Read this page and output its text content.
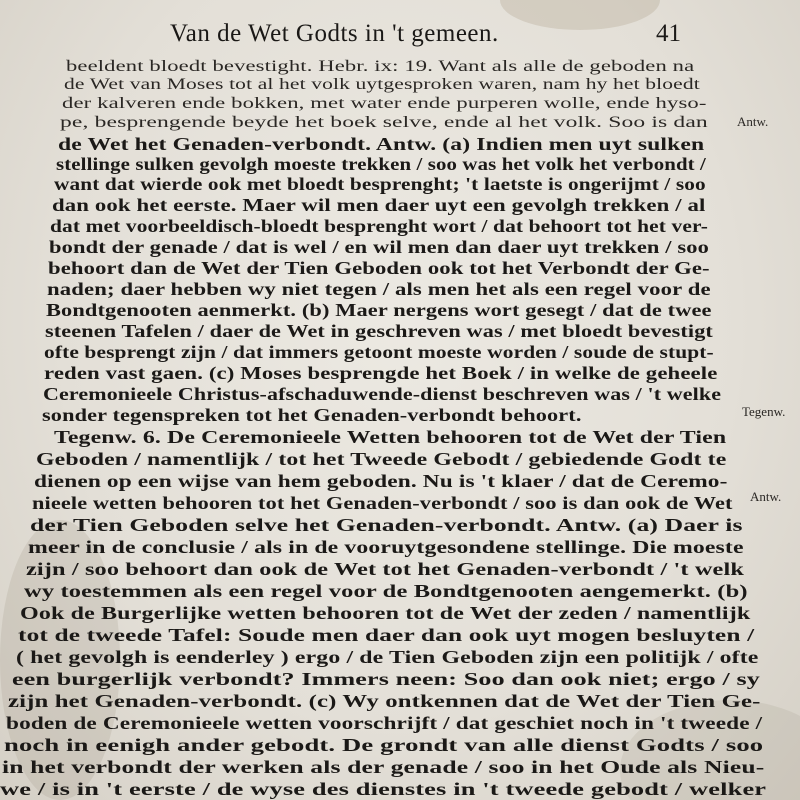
Van de Wet Godts in 't gemeen.	41
beeldent bloedt bevestight. Hebr. ix: 19. Want als alle de geboden na
de Wet van Moses tot al het volk uytgesproken waren, nam hy het bloedt
der kalveren ende bokken, met water ende purperen wolle, ende hyso-
pe, besprengende beyde het boek selve, ende al het volk. Soo is dan
de Wet het Genaden-verbondt. Antw. (a) Indien men uyt sulken
stellinge sulken gevolgh moeste trekken / soo was het volk het verbondt /
want dat wierde ook met bloedt besprenght; 't laetste is ongerijmt / soo
dan ook het eerste. Maer wil men daer uyt een gevolgh trekken / al
dat met voorbeeldisch-bloedt besprenght wort / dat behoort tot het ver-
bondt der genade / dat is wel / en wil men dan daer uyt trekken / soo
behoort dan de Wet der Tien Geboden ook tot het Verbondt der Ge-
naden; daer hebben wy niet tegen / als men het als een regel voor de
Bondtgenooten aenmerkt. (b) Maer nergens wort gesegt / dat de twee
steenen Tafelen / daer de Wet in geschreven was / met bloedt bevestigt
ofte besprengt zijn / dat immers getoont moeste worden / soude de stupt-
reden vast gaen. (c) Moses besprengde het Boek / in welke de geheele
Ceremonieele Christus-afschaduwende-dienst beschreven was / 't welke
sonder tegenspreken tot het Genaden-verbondt behoort.
Tegenw. 6. De Ceremonieele Wetten behooren tot de Wet der Tien
Geboden / namentlijk / tot het Tweede Gebodt / gebiedende Godt te
dienen op een wijse van hem geboden. Nu is 't klaer / dat de Ceremo-
nieele wetten behooren tot het Genaden-verbondt / soo is dan ook de Wet
der Tien Geboden selve het Genaden-verbondt. Antw. (a) Daer is
meer in de conclusie / als in de vooruytgesondene stellinge. Die moeste
zijn / soo behoort dan ook de Wet tot het Genaden-verbondt / 't welk
wy toestemmen als een regel voor de Bondtgenooten aengemerkt. (b)
Ook de Burgerlijke wetten behooren tot de Wet der zeden / namentlijk
tot de tweede Tafel: Soude men daer dan ook uyt mogen besluyten /
( het gevolgh is eenderley ) ergo / de Tien Geboden zijn een politijk / ofte
een burgerlijk verbondt? Immers neen: Soo dan ook niet; ergo / sy
zijn het Genaden-verbondt. (c) Wy ontkennen dat de Wet der Tien Ge-
boden de Ceremonieele wetten voorschrijft / dat geschiet noch in 't tweede /
noch in eenigh ander gebodt. De grondt van alle dienst Godts / soo
in het verbondt der werken als der genade / soo in het Oude als Nieu-
we / is in 't eerste / de wyse des dienstes in 't tweede gebodt / welker
Antw.
Tegenw.
Antw.
